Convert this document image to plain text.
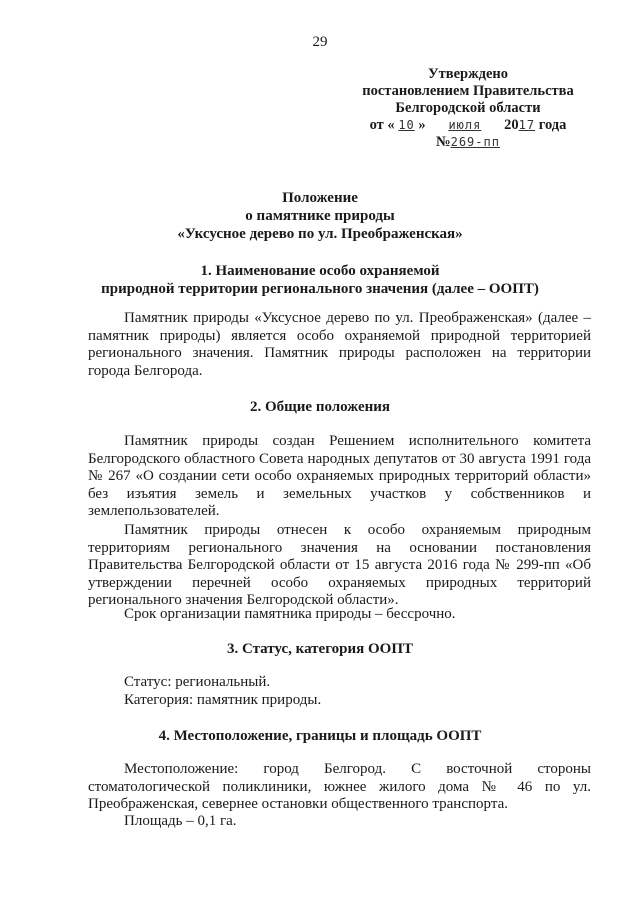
29
Утверждено
постановлением Правительства
Белгородской области
от « 10 » июля 2017 года
№269-пп
Положение
о памятнике природы
«Уксусное дерево по ул. Преображенская»
1. Наименование особо охраняемой
природной территории регионального значения (далее – ООПТ)
Памятник природы «Уксусное дерево по ул. Преображенская» (далее – памятник природы) является особо охраняемой природной территорией регионального значения. Памятник природы расположен на территории города Белгорода.
2. Общие положения
Памятник природы создан Решением исполнительного комитета Белгородского областного Совета народных депутатов от 30 августа 1991 года № 267 «О создании сети особо охраняемых природных территорий области» без изъятия земель и земельных участков у собственников и землепользователей.
Памятник природы отнесен к особо охраняемым природным территориям регионального значения на основании постановления Правительства Белгородской области от 15 августа 2016 года № 299-пп «Об утверждении перечней особо охраняемых природных территорий регионального значения Белгородской области».
Срок организации памятника природы – бессрочно.
3. Статус, категория ООПТ
Статус: региональный.
Категория: памятник природы.
4. Местоположение, границы и площадь ООПТ
Местоположение: город Белгород. С восточной стороны стоматологической поликлиники, южнее жилого дома № 46 по ул. Преображенская, севернее остановки общественного транспорта.
Площадь – 0,1 га.
